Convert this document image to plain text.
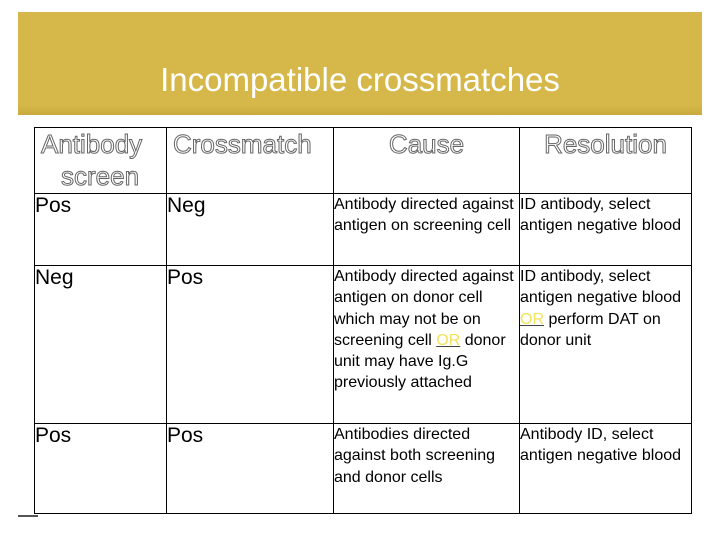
Incompatible crossmatches
Antibody
screen	Crossmatch	Cause	Resolution
Pos	Neg	Antibody directed against antigen on screening cell	ID antibody, select antigen negative blood
Neg	Pos	Antibody directed against antigen on donor cell which may not be on screening cell OR donor unit may have Ig.G previously attached	ID antibody, select antigen negative blood OR perform DAT on donor unit
Pos	Pos	Antibodies directed against both screening and donor cells	Antibody ID, select antigen negative blood
